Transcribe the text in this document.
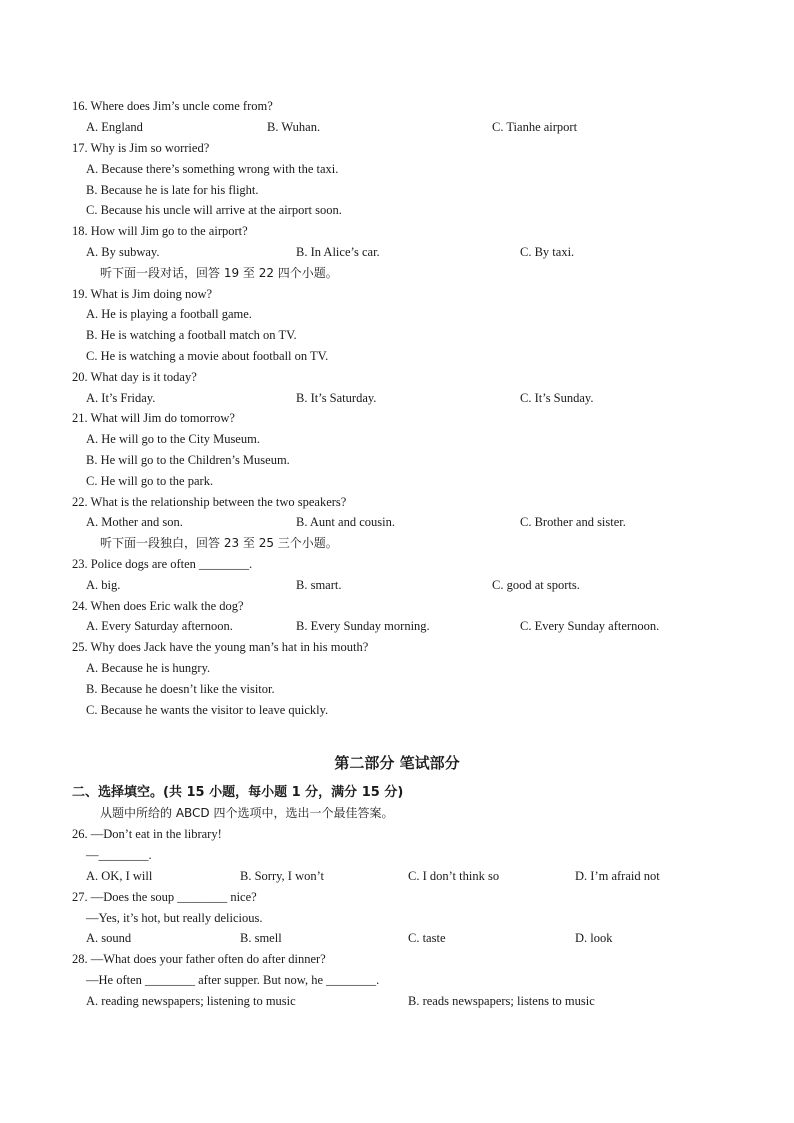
16. Where does Jim’s uncle come from?
A. England	B. Wuhan.	C. Tianhe airport
17. Why is Jim so worried?
A. Because there’s something wrong with the taxi.
B. Because he is late for his flight.
C. Because his uncle will arrive at the airport soon.
18. How will Jim go to the airport?
A. By subway.	B. In Alice’s car.	C. By taxi.
听下面一段对话，回答 19 至 22 四个小题。
19. What is Jim doing now?
A. He is playing a football game.
B. He is watching a football match on TV.
C. He is watching a movie about football on TV.
20. What day is it today?
A. It’s Friday.	B. It’s Saturday.	C. It’s Sunday.
21. What will Jim do tomorrow?
A. He will go to the City Museum.
B. He will go to the Children’s Museum.
C. He will go to the park.
22. What is the relationship between the two speakers?
A. Mother and son.	B. Aunt and cousin.	C. Brother and sister.
听下面一段独白，回答 23 至 25 三个小题。
23. Police dogs are often ________.
A. big.	B. smart.	C. good at sports.
24. When does Eric walk the dog?
A. Every Saturday afternoon.	B. Every Sunday morning.	C. Every Sunday afternoon.
25. Why does Jack have the young man’s hat in his mouth?
A. Because he is hungry.
B. Because he doesn’t like the visitor.
C. Because he wants the visitor to leave quickly.
第二部分 笔试部分
二、选择填空。(共 15 小题，每小题 1 分，满分 15 分)
从题中所给的 ABCD 四个选项中，选出一个最佳答案。
26. —Don’t eat in the library!
—________.
A. OK, I will	B. Sorry, I won’t	C. I don’t think so	D. I’m afraid not
27. —Does the soup ________ nice?
—Yes, it’s hot, but really delicious.
A. sound	B. smell	C. taste	D. look
28. —What does your father often do after dinner?
—He often ________ after supper. But now, he ________.
A. reading newspapers; listening to music	B. reads newspapers; listens to music
